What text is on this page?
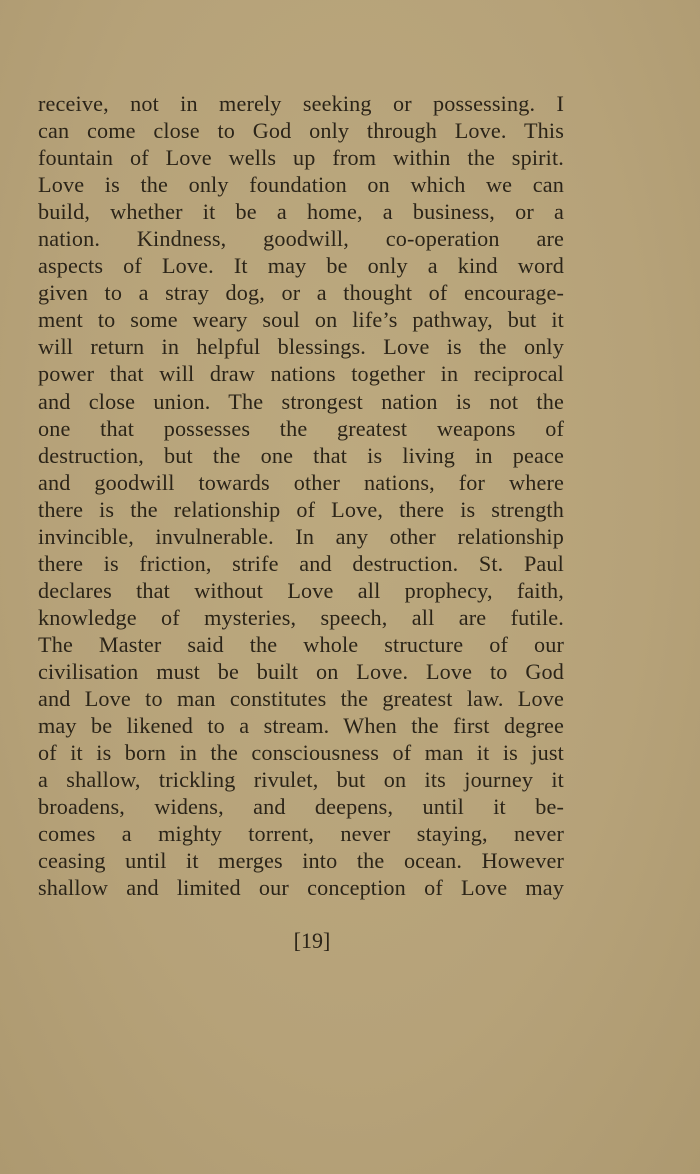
receive, not in merely seeking or possessing. I
can come close to God only through Love. This
fountain of Love wells up from within the spirit.
Love is the only foundation on which we can
build, whether it be a home, a business, or a
nation. Kindness, goodwill, co-operation are
aspects of Love. It may be only a kind word
given to a stray dog, or a thought of encourage-
ment to some weary soul on life’s pathway, but it
will return in helpful blessings. Love is the only
power that will draw nations together in reciprocal
and close union. The strongest nation is not the
one that possesses the greatest weapons of
destruction, but the one that is living in peace
and goodwill towards other nations, for where
there is the relationship of Love, there is strength
invincible, invulnerable. In any other relationship
there is friction, strife and destruction. St. Paul
declares that without Love all prophecy, faith,
knowledge of mysteries, speech, all are futile.
The Master said the whole structure of our
civilisation must be built on Love. Love to God
and Love to man constitutes the greatest law. Love
may be likened to a stream. When the first degree
of it is born in the consciousness of man it is just
a shallow, trickling rivulet, but on its journey it
broadens, widens, and deepens, until it be-
comes a mighty torrent, never staying, never
ceasing until it merges into the ocean. However
shallow and limited our conception of Love may
[19]
